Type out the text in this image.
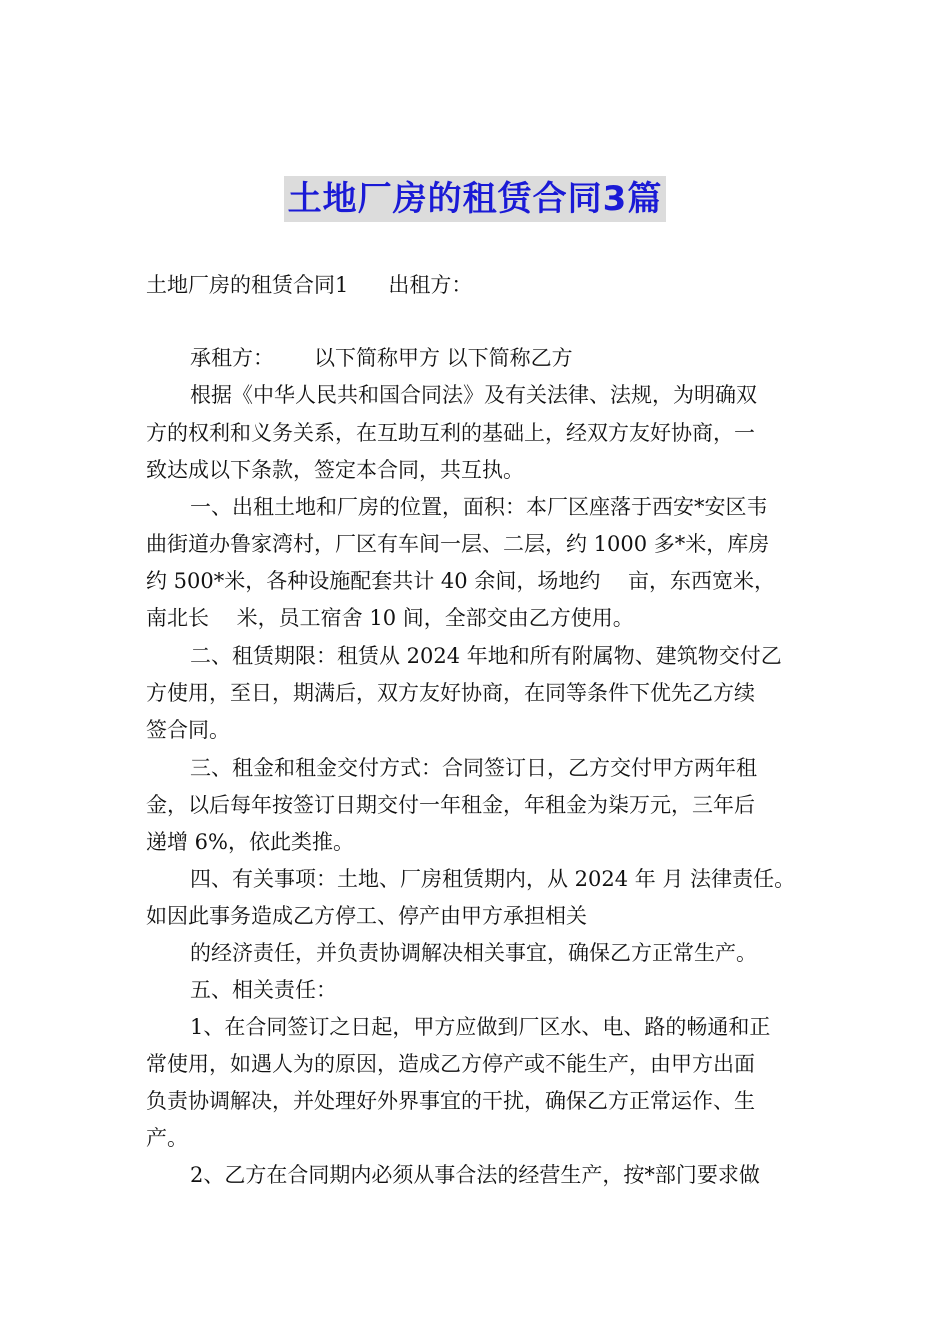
土地厂房的租赁合同3篇
土地厂房的租赁合同1 出租方：
承租方： 以下简称甲方 以下简称乙方
根据《中华人民共和国合同法》及有关法律、法规，为明确双
方的权利和义务关系，在互助互利的基础上，经双方友好协商，一
致达成以下条款，签定本合同，共互执。
一、出租土地和厂房的位置，面积：本厂区座落于西安*安区韦
曲街道办鲁家湾村，厂区有车间一层、二层，约 1000 多*米，库房
约 500*米，各种设施配套共计 40 余间，场地约 　亩，东西宽米，
南北长 　米，员工宿舍 10 间，全部交由乙方使用。
二、租赁期限：租赁从 2024 年地和所有附属物、建筑物交付乙
方使用，至日，期满后，双方友好协商，在同等条件下优先乙方续
签合同。
三、租金和租金交付方式：合同签订日，乙方交付甲方两年租
金，以后每年按签订日期交付一年租金，年租金为柒万元，三年后
递增 6%，依此类推。
四、有关事项：土地、厂房租赁期内，从 2024 年 月 法律责任。
如因此事务造成乙方停工、停产由甲方承担相关
的经济责任，并负责协调解决相关事宜，确保乙方正常生产。
五、相关责任：
1、在合同签订之日起，甲方应做到厂区水、电、路的畅通和正
常使用，如遇人为的原因，造成乙方停产或不能生产，由甲方出面
负责协调解决，并处理好外界事宜的干扰，确保乙方正常运作、生
产。
2、乙方在合同期内必须从事合法的经营生产，按*部门要求做
